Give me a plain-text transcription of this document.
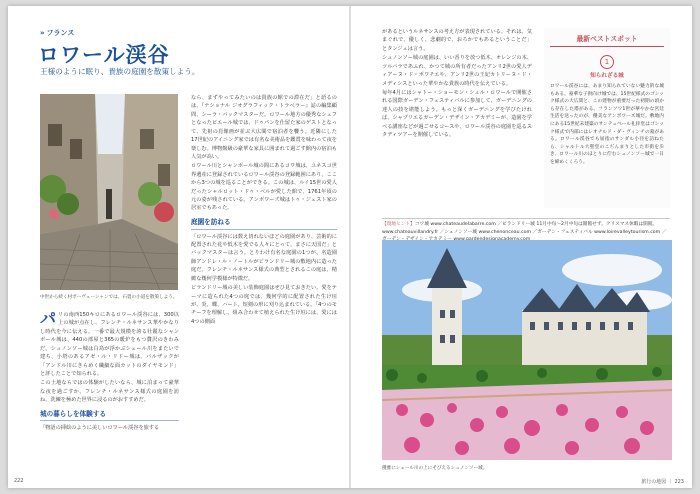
» フランス
ロワール渓谷
王様のように眠り、貴族の庭園を散策しよう。
中世から続く村ボーヴェーシャンでは、石畳の小道を散策しよう。

パリの南西150キロにあるロワール渓谷には、300以上の城が点在し、フレンチ・ルネサンス華やかなりし時代を今に伝える。一番で最大規模を誇る壮麗なシャンボール城は、440の部屋と365の暖炉をもつ贅沢のきわみだ。シュノンソー城は白鳥が浮かぶシェール川をまたいで建ち、小塔のあるアゼ・ル・リドー城は、バルザックが「アンドル川にきらめく繊細な面カットのダイヤモンド」と評したことで知られる。

この土地ならではの体験がしたいなら、城に泊まって豪華な夜を過ごすか、フレンチ・ルネサンス様式の庭園を訪ね、洗練を極めた世界に浸るのがおすすめだ。

城の暮らしを体験する

「物語の挿絵のように美しいロワール渓谷を旅する

なら、まずやってみたいのは貴族の館での滞在だ」と語るのは、『ナショナル ジオグラフィック・トラベラー』誌の編集顧問、シーラ・バックマスターだ。ロワール地方の優秀なシェフとなったピエール城では、ドゥパンを仕留た家のゲストとなって、先祖の肖像画が並ぶ大広間で宿泊者を饗う。近隣にした17世紀のアイニング家では有名な美術品を鑑賞を味わって夜を楽しむ。博物館級の豪華な家具に囲まれて過ごす館内の宿泊も人気が高い。

ロワール川とシャンボール城の間にあるコワ城は、ユネスコ世界遺産に登録されているロワール渓谷の登録範囲にあり、ここから3つの城を巡ることができる。この城は、ルイ15世の愛人だったシャルロット・ドゥ・ベルが愛した館で、1761年頃の元の姿が残されている。アンボワーズ城はトゥ・ジェスト家の居室でもあった。

庭園を訪ねる

「ロワール渓谷には数え切れないほどの庭園があり、芸術的に配置された花や低木を愛でる人々にとって、まさに天国だ」とバックマスターは言う。とりわけ有名な庭園の1つが、名造園師アンドレ・ル・ノートルがビランドリー城の敷地内に造った庭だ。フレンチ・ルネサンス様式の典型とされるこの庭は、精緻な幾何学模様が特徴だ。

ビランドリー城の美しい装飾庭園はぜひ見ておきたい。愛をテーマに造られた4つの庭では、幾何学的に配置された生け垣が、炎、蝶、ハート、短剣の形に刈り込まれている。「4つのモチーフを理解し、組み合わせて植えられた生け垣には、愛には4つの側面

があるというルネサンスの考え方が表現されている。それは、気まぐれで、優しく、悲劇的で、おろかでもあるということだ」とタンジェは言う。

シュノンソー城の庭園は、いい香りを放つ低木、オレンジの木、ツルバラであふれ、かつて城の所有者だったアンリ2世の愛人ディアーヌ・ド・ポワチエや、アンリ2世の王妃カトリーヌ・ド・メディシスといった華やかな貴族の時代を伝えている。

毎年4月にはシャトー・ショーモン・シュル・ロワールで開催される国際ガーデン・フェスティバルに参加して、ガーデニングの達人の技を堪能しよう。もっと深くガーデニングを学びたければ、シャプリエるガーデン・デザイン・アカデミーが、造園を学べる講座などが過ごせるコースや、ロワール渓谷の庭園を巡るスタディツアーを開催している。

最新ベストスポット
1
知られざる城
ロワール渓谷には、あまり知られていない魅力的な城もある。豪華な子供向け城では、15世紀様式のゴシック様式の大広間と、この建物が重要だった初期の頃から存在した塔がある。フランソワ1世が華やかな宮廷生活を送ったのが、優美なアンボワーズ城だ。敷地内にある15世紀末建築のサンテュベール礼拝堂はゴシック様式で内部にはレオナルド・ダ・ヴィンチの墓がある。ロワール渓谷でも屈指のサンダル小径を訪ねたら、シャルトル大聖堂のこぢんまりとした市街を歩き、ロワール川のほとりに佇むシュノンソー城で一日を締めくくろう。
【現地ヒント】コワ城 www.chateaudelabarre.com ／ビランドリー城 11月中旬〜2月中旬は開館せず。クリスマス休暇は開館。www.chateauvillandry.fr ／シュノンソー城 www.chenonceau.com ／ガーデン・フェスティバル www.loirevalleytourism.com ／
優雅にシェール川の上にそびえるシュノンソー城。
222	旅行の地図 ｜ 223
